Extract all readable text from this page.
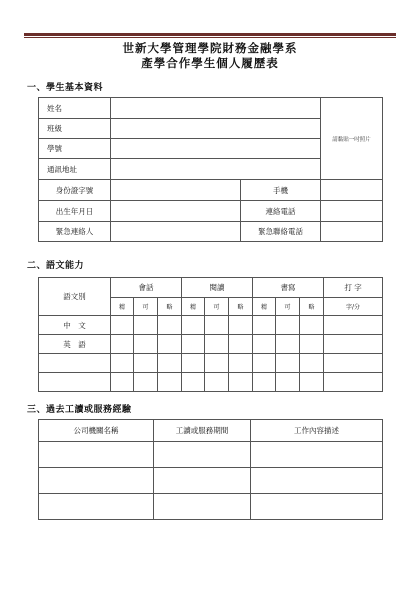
世新大學管理學院財務金融學系
產學合作學生個人履歷表
一、學生基本資料
姓名			請黏貼一吋照片
班級			
學號			
通訊地址			
身份證字號		手機	
出生年月日		連絡電話	
緊急連絡人		緊急聯絡電話	
二、語文能力
語文別	會話			閱讀			書寫			打 字
	精	可	略	精	可	略	精	可	略	字/分
中　文										
英　語										

三、過去工讀或服務經驗
公司機關名稱	工讀或服務期間	工作內容描述
